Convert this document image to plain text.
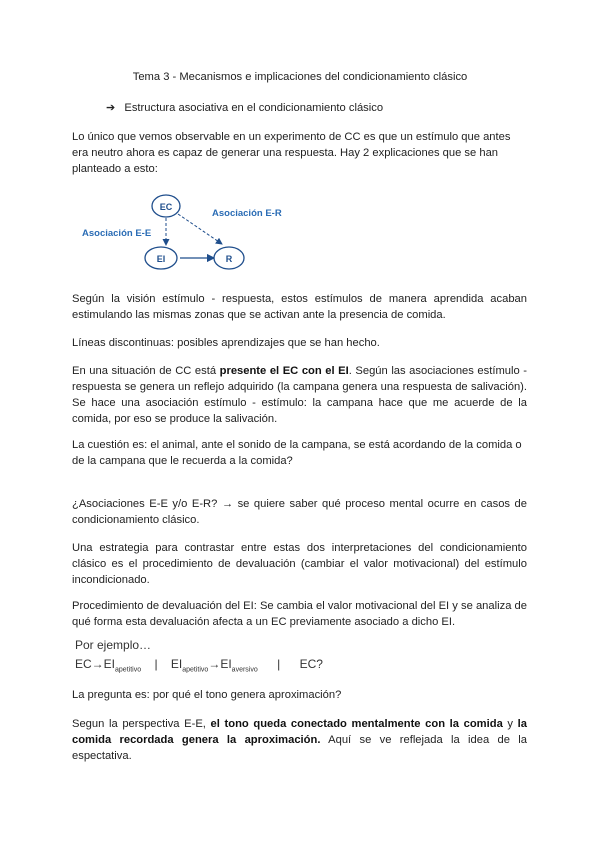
Tema 3 - Mecanismos e implicaciones del condicionamiento clásico
➔ Estructura asociativa en el condicionamiento clásico

Lo único que vemos observable en un experimento de CC es que un estímulo que antes era neutro ahora es capaz de generar una respuesta. Hay 2 explicaciones que se han planteado a esto:

EC
EI	R
Asociación E-E
Asociación E-R

Según la visión estímulo - respuesta, estos estímulos de manera aprendida acaban estimulando las mismas zonas que se activan ante la presencia de comida.

Líneas discontinuas: posibles aprendizajes que se han hecho.

En una situación de CC está presente el EC con el EI. Según las asociaciones estímulo - respuesta se genera un reflejo adquirido (la campana genera una respuesta de salivación). Se hace una asociación estímulo - estímulo: la campana hace que me acuerde de la comida, por eso se produce la salivación.

La cuestión es: el animal, ante el sonido de la campana, se está acordando de la comida o de la campana que le recuerda a la comida?

¿Asociaciones E-E y/o E-R? → se quiere saber qué proceso mental ocurre en casos de condicionamiento clásico.

Una estrategia para contrastar entre estas dos interpretaciones del condicionamiento clásico es el procedimiento de devaluación (cambiar el valor motivacional) del estímulo incondicionado.

Procedimiento de devaluación del EI: Se cambia el valor motivacional del EI y se analiza de qué forma esta devaluación afecta a un EC previamente asociado a dicho EI.

Por ejemplo…
$EC\to EI_{apetitivo}$ | $EI_{apetitivo}\to EI_{aversivo}$ | EC?

La pregunta es: por qué el tono genera aproximación?

Segun la perspectiva E-E, el tono queda conectado mentalmente con la comida y la comida recordada genera la aproximación. Aquí se ve reflejada la idea de la espectativa.
